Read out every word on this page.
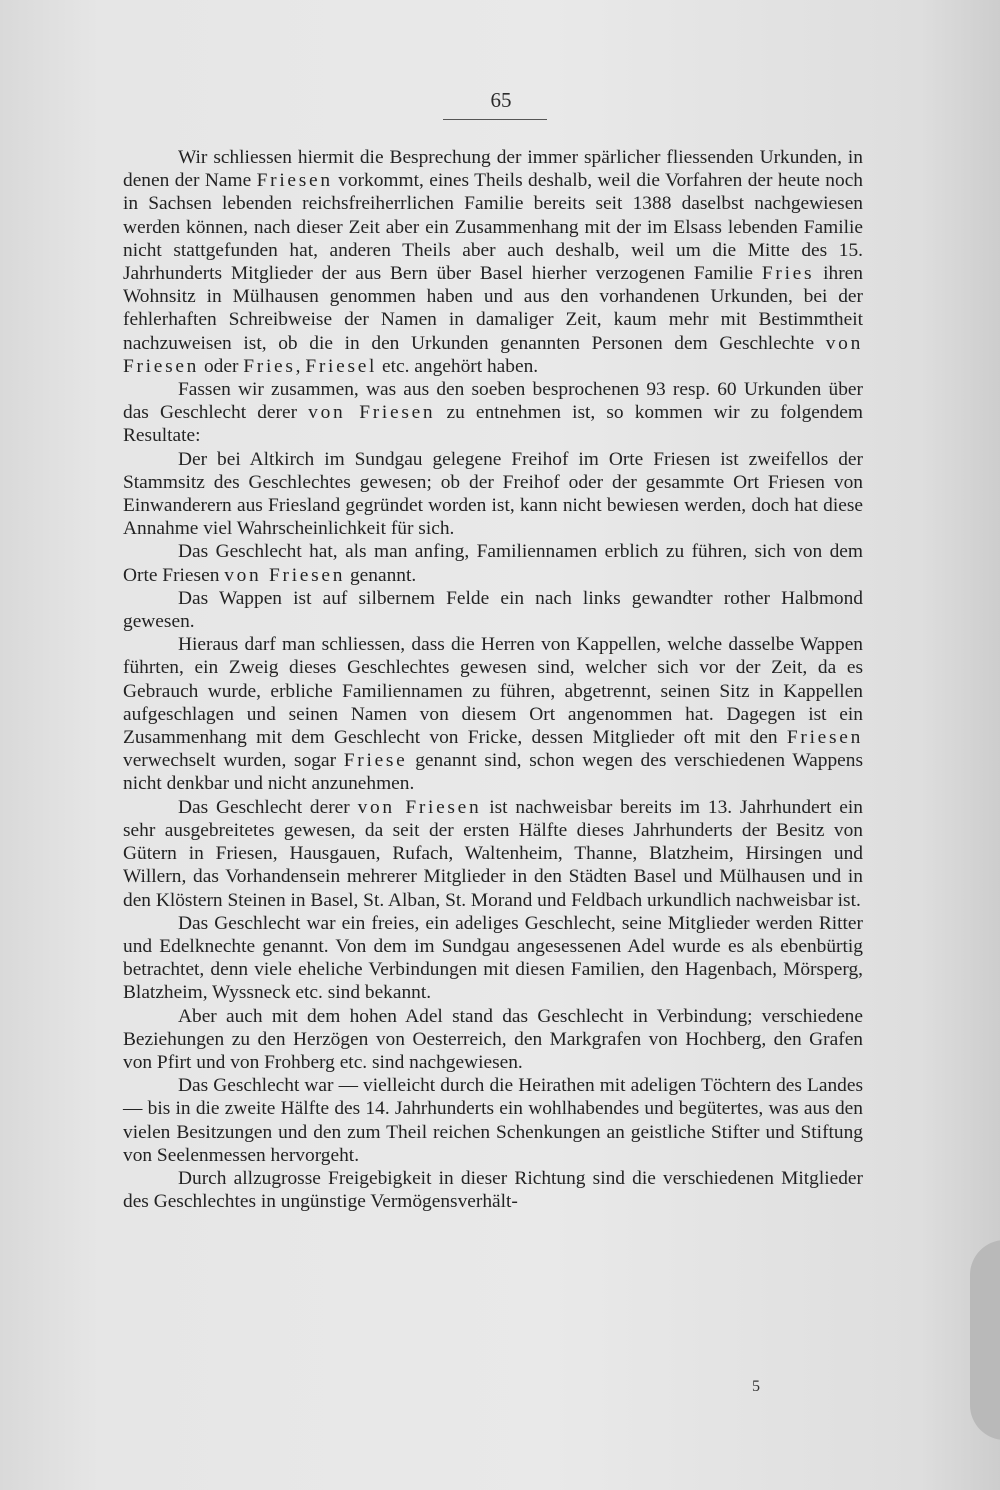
65

Wir schliessen hiermit die Besprechung der immer spärlicher fliessenden Urkunden, in denen der Name Friesen vorkommt, eines Theils deshalb, weil die Vorfahren der heute noch in Sachsen lebenden reichsfreiherrlichen Familie bereits seit 1388 daselbst nachgewiesen werden können, nach dieser Zeit aber ein Zusammenhang mit der im Elsass lebenden Familie nicht stattgefunden hat, anderen Theils aber auch deshalb, weil um die Mitte des 15. Jahrhunderts Mitglieder der aus Bern über Basel hierher verzogenen Familie Fries ihren Wohnsitz in Mülhausen genommen haben und aus den vorhandenen Urkunden, bei der fehlerhaften Schreibweise der Namen in damaliger Zeit, kaum mehr mit Bestimmtheit nachzuweisen ist, ob die in den Urkunden genannten Personen dem Geschlechte von Friesen oder Fries, Friesel etc. angehört haben.

Fassen wir zusammen, was aus den soeben besprochenen 93 resp. 60 Urkunden über das Geschlecht derer von Friesen zu entnehmen ist, so kommen wir zu folgendem Resultate:

Der bei Altkirch im Sundgau gelegene Freihof im Orte Friesen ist zweifellos der Stammsitz des Geschlechtes gewesen; ob der Freihof oder der gesammte Ort Friesen von Einwanderern aus Friesland gegründet worden ist, kann nicht bewiesen werden, doch hat diese Annahme viel Wahrscheinlichkeit für sich.

Das Geschlecht hat, als man anfing, Familiennamen erblich zu führen, sich von dem Orte Friesen von Friesen genannt.

Das Wappen ist auf silbernem Felde ein nach links gewandter rother Halbmond gewesen.

Hieraus darf man schliessen, dass die Herren von Kappellen, welche dasselbe Wappen führten, ein Zweig dieses Geschlechtes gewesen sind, welcher sich vor der Zeit, da es Gebrauch wurde, erbliche Familiennamen zu führen, abgetrennt, seinen Sitz in Kappellen aufgeschlagen und seinen Namen von diesem Ort angenommen hat. Dagegen ist ein Zusammenhang mit dem Geschlecht von Fricke, dessen Mitglieder oft mit den Friesen verwechselt wurden, sogar Friese genannt sind, schon wegen des verschiedenen Wappens nicht denkbar und nicht anzunehmen.

Das Geschlecht derer von Friesen ist nachweisbar bereits im 13. Jahrhundert ein sehr ausgebreitetes gewesen, da seit der ersten Hälfte dieses Jahrhunderts der Besitz von Gütern in Friesen, Hausgauen, Rufach, Waltenheim, Thanne, Blatzheim, Hirsingen und Willern, das Vorhandensein mehrerer Mitglieder in den Städten Basel und Mülhausen und in den Klöstern Steinen in Basel, St. Alban, St. Morand und Feldbach urkundlich nachweisbar ist.

Das Geschlecht war ein freies, ein adeliges Geschlecht, seine Mitglieder werden Ritter und Edelknechte genannt. Von dem im Sundgau angesessenen Adel wurde es als ebenbürtig betrachtet, denn viele eheliche Verbindungen mit diesen Familien, den Hagenbach, Mörsperg, Blatzheim, Wyssneck etc. sind bekannt.

Aber auch mit dem hohen Adel stand das Geschlecht in Verbindung; verschiedene Beziehungen zu den Herzögen von Oesterreich, den Markgrafen von Hochberg, den Grafen von Pfirt und von Frohberg etc. sind nachgewiesen.

Das Geschlecht war — vielleicht durch die Heirathen mit adeligen Töchtern des Landes — bis in die zweite Hälfte des 14. Jahrhunderts ein wohlhabendes und begütertes, was aus den vielen Besitzungen und den zum Theil reichen Schenkungen an geistliche Stifter und Stiftung von Seelenmessen hervorgeht.

Durch allzugrosse Freigebigkeit in dieser Richtung sind die verschiedenen Mitglieder des Geschlechtes in ungünstige Vermögensverhält-

5
